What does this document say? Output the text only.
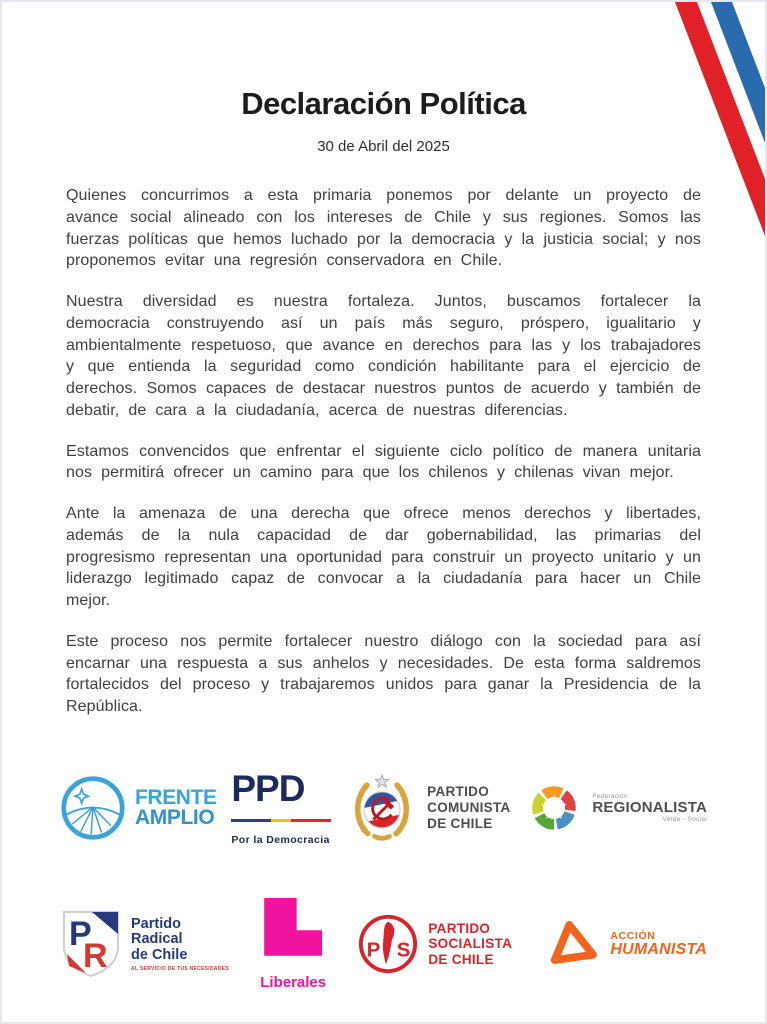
Declaración Política
30 de Abril del 2025

Quienes concurrimos a esta primaria ponemos por delante un proyecto de avance social alineado con los intereses de Chile y sus regiones. Somos las fuerzas políticas que hemos luchado por la democracia y la justicia social; y nos proponemos evitar una regresión conservadora en Chile.

Nuestra diversidad es nuestra fortaleza. Juntos, buscamos fortalecer la democracia construyendo así un país más seguro, próspero, igualitario y ambientalmente respetuoso, que avance en derechos para las y los trabajadores y que entienda la seguridad como condición habilitante para el ejercicio de derechos. Somos capaces de destacar nuestros puntos de acuerdo y también de debatir, de cara a la ciudadanía, acerca de nuestras diferencias.

Estamos convencidos que enfrentar el siguiente ciclo político de manera unitaria nos permitirá ofrecer un camino para que los chilenos y chilenas vivan mejor.

Ante la amenaza de una derecha que ofrece menos derechos y libertades, además de la nula capacidad de dar gobernabilidad, las primarias del progresismo representan una oportunidad para construir un proyecto unitario y un liderazgo legitimado capaz de convocar a la ciudadanía para hacer un Chile mejor.

Este proceso nos permite fortalecer nuestro diálogo con la sociedad para así encarnar una respuesta a sus anhelos y necesidades. De esta forma saldremos fortalecidos del proceso y trabajaremos unidos para ganar la Presidencia de la República.

FRENTE
AMPLIO
PPD
Por la Democracia
PARTIDO
COMUNISTA
DE CHILE
Federación
REGIONALISTA
Verde - Social
P
R
Partido
Radical
de Chile
AL SERVICIO DE TUS NECESIDADES
Liberales
P S
PARTIDO
SOCIALISTA
DE CHILE
ACCIÓN
HUMANISTA
